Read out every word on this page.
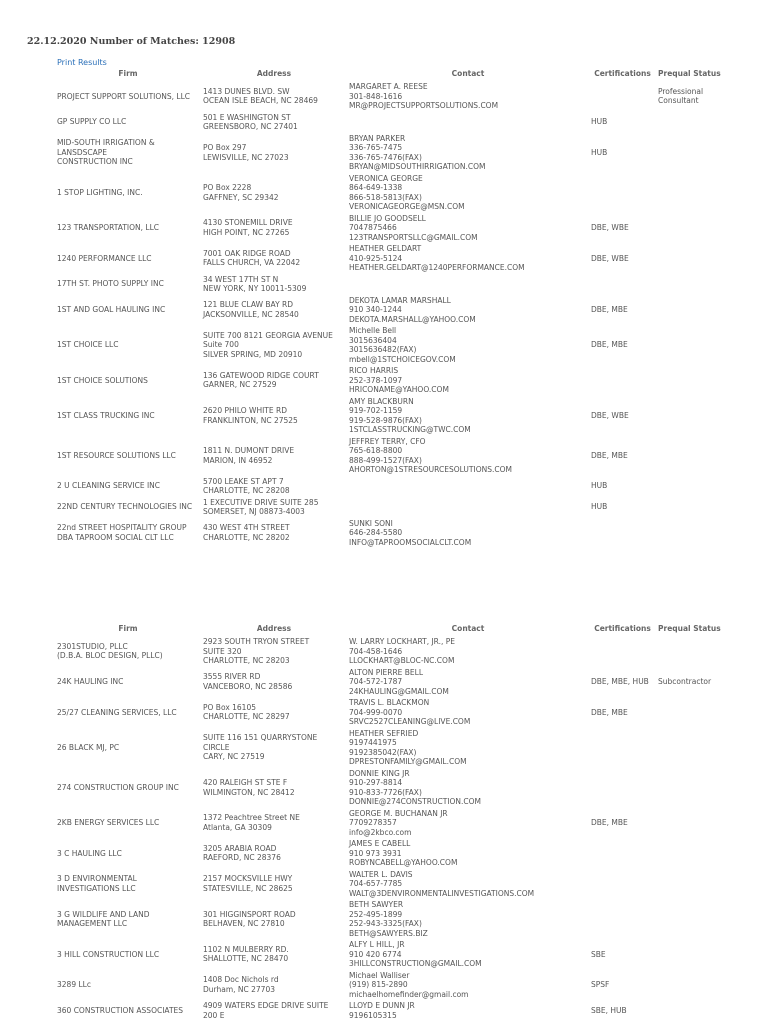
22.12.2020 Number of Matches: 12908
Print Results
Firm	Address	Contact	Certifications	Prequal Status
PROJECT SUPPORT SOLUTIONS, LLC	1413 DUNES BLVD. SW
OCEAN ISLE BEACH, NC 28469	MARGARET A. REESE
301-848-1616
MR@PROJECTSUPPORTSOLUTIONS.COM		Professional Consultant
GP SUPPLY CO LLC	501 E WASHINGTON ST
GREENSBORO, NC 27401		HUB	
MID-SOUTH IRRIGATION & LANSDSCAPE
CONSTRUCTION INC	PO Box 297
LEWISVILLE, NC 27023	BRYAN PARKER
336-765-7475
336-765-7476(FAX)
BRYAN@MIDSOUTHIRRIGATION.COM	HUB	
1 STOP LIGHTING, INC.	PO Box 2228
GAFFNEY, SC 29342	VERONICA GEORGE
864-649-1338
866-518-5813(FAX)
VERONICAGEORGE@MSN.COM		
123 TRANSPORTATION, LLC	4130 STONEMILL DRIVE
HIGH POINT, NC 27265	BILLIE JO GOODSELL
7047875466
123TRANSPORTSLLC@GMAIL.COM	DBE, WBE	
1240 PERFORMANCE LLC	7001 OAK RIDGE ROAD
FALLS CHURCH, VA 22042	HEATHER GELDART
410-925-5124
HEATHER.GELDART@1240PERFORMANCE.COM	DBE, WBE	
17TH ST. PHOTO SUPPLY INC	34 WEST 17TH ST N
NEW YORK, NY 10011-5309			
1ST AND GOAL HAULING INC	121 BLUE CLAW BAY RD
JACKSONVILLE, NC 28540	DEKOTA LAMAR MARSHALL
910 340-1244
DEKOTA.MARSHALL@YAHOO.COM	DBE, MBE	
1ST CHOICE LLC	SUITE 700 8121 GEORGIA AVENUE
Suite 700
SILVER SPRING, MD 20910	Michelle Bell
3015636404
3015636482(FAX)
mbell@1STCHOICEGOV.COM	DBE, MBE	
1ST CHOICE SOLUTIONS	136 GATEWOOD RIDGE COURT
GARNER, NC 27529	RICO HARRIS
252-378-1097
HRICONAME@YAHOO.COM		
1ST CLASS TRUCKING INC	2620 PHILO WHITE RD
FRANKLINTON, NC 27525	AMY BLACKBURN
919-702-1159
919-528-9876(FAX)
1STCLASSTRUCKING@TWC.COM	DBE, WBE	
1ST RESOURCE SOLUTIONS LLC	1811 N. DUMONT DRIVE
MARION, IN 46952	JEFFREY TERRY, CFO
765-618-8800
888-499-1527(FAX)
AHORTON@1STRESOURCESOLUTIONS.COM	DBE, MBE	
2 U CLEANING SERVICE INC	5700 LEAKE ST APT 7
CHARLOTTE, NC 28208		HUB	
22ND CENTURY TECHNOLOGIES INC	1 EXECUTIVE DRIVE SUITE 285
SOMERSET, NJ 08873-4003		HUB	
22nd STREET HOSPITALITY GROUP
DBA TAPROOM SOCIAL CLT LLC	430 WEST 4TH STREET
CHARLOTTE, NC 28202	SUNKI SONI
646-284-5580
INFO@TAPROOMSOCIALCLT.COM		
Firm	Address	Contact	Certifications	Prequal Status
2301STUDIO, PLLC
(D.B.A. BLOC DESIGN, PLLC)	2923 SOUTH TRYON STREET
SUITE 320
CHARLOTTE, NC 28203	W. LARRY LOCKHART, JR., PE
704-458-1646
LLOCKHART@BLOC-NC.COM		
24K HAULING INC	3555 RIVER RD
VANCEBORO, NC 28586	ALTON PIERRE BELL
704-572-1787
24KHAULING@GMAIL.COM	DBE, MBE, HUB	Subcontractor
25/27 CLEANING SERVICES, LLC	PO Box 16105
CHARLOTTE, NC 28297	TRAVIS L. BLACKMON
704-999-0070
SRVC2527CLEANING@LIVE.COM	DBE, MBE	
26 BLACK MJ, PC	SUITE 116 151 QUARRYSTONE CIRCLE
CARY, NC 27519	HEATHER SEFRIED
9197441975
9192385042(FAX)
DPRESTONFAMILY@GMAIL.COM		
274 CONSTRUCTION GROUP INC	420 RALEIGH ST STE F
WILMINGTON, NC 28412	DONNIE KING JR
910-297-8814
910-833-7726(FAX)
DONNIE@274CONSTRUCTION.COM		
2KB ENERGY SERVICES LLC	1372 Peachtree Street NE
Atlanta, GA 30309	GEORGE M. BUCHANAN JR
7709278357
info@2kbco.com	DBE, MBE	
3 C HAULING LLC	3205 ARABIA ROAD
RAEFORD, NC 28376	JAMES E CABELL
910 973 3931
ROBYNCABELL@YAHOO.COM		
3 D ENVIRONMENTAL
INVESTIGATIONS LLC	2157 MOCKSVILLE HWY
STATESVILLE, NC 28625	WALTER L. DAVIS
704-657-7785
WALT@3DENVIRONMENTALINVESTIGATIONS.COM		
3 G WILDLIFE AND LAND
MANAGEMENT LLC	301 HIGGINSPORT ROAD
BELHAVEN, NC 27810	BETH SAWYER
252-495-1899
252-943-3325(FAX)
BETH@SAWYERS.BIZ		
3 HILL CONSTRUCTION LLC	1102 N MULBERRY RD.
SHALLOTTE, NC 28470	ALFY L HILL, JR
910 420 6774
3HILLCONSTRUCTION@GMAIL.COM	SBE	
3289 LLc	1408 Doc Nichols rd
Durham, NC 27703	Michael Walliser
(919) 815-2890
michaelhomefinder@gmail.com	SPSF	
360 CONSTRUCTION ASSOCIATES	4909 WATERS EDGE DRIVE SUITE
200 E	LLOYD E DUNN JR
9196105315	SBE, HUB	
